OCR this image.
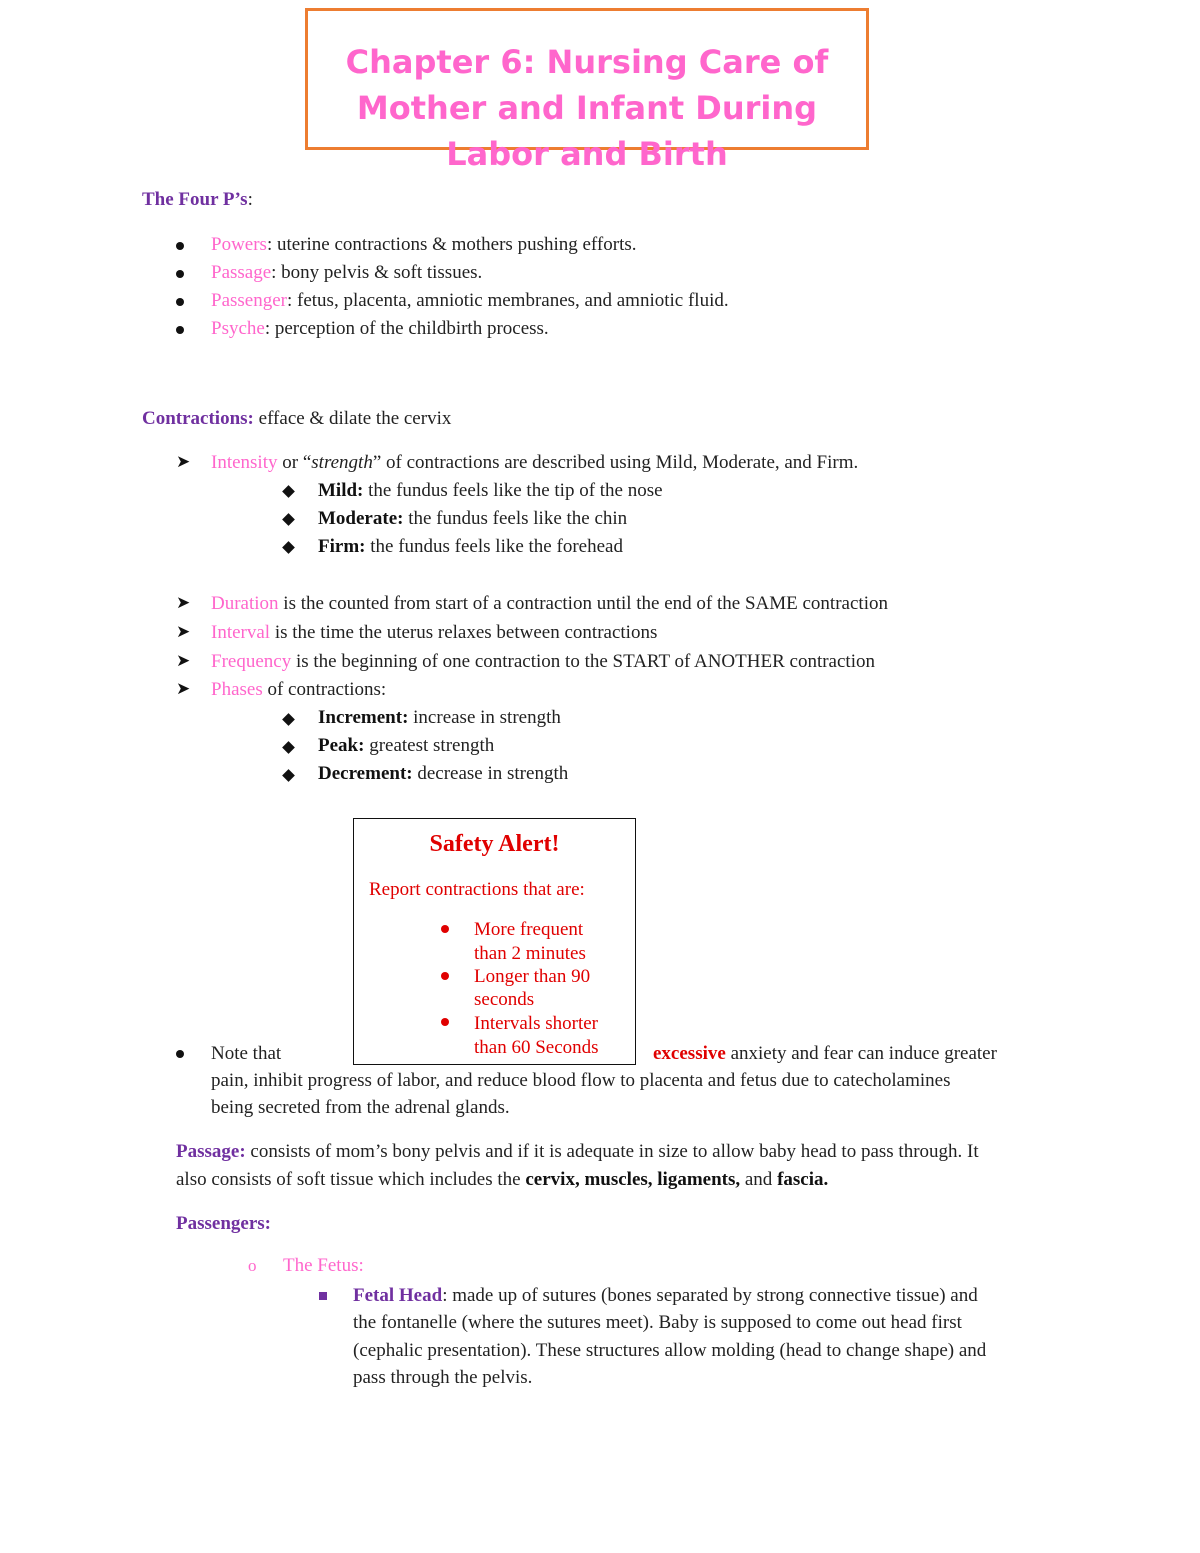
Chapter 6: Nursing Care of Mother and Infant During Labor and Birth
The Four P’s:
Powers: uterine contractions & mothers pushing efforts.
Passage: bony pelvis & soft tissues.
Passenger: fetus, placenta, amniotic membranes, and amniotic fluid.
Psyche: perception of the childbirth process.
Contractions: efface & dilate the cervix
➤ Intensity or “strength” of contractions are described using Mild, Moderate, and Firm.
Mild: the fundus feels like the tip of the nose
Moderate: the fundus feels like the chin
Firm: the fundus feels like the forehead
➤ Duration is the counted from start of a contraction until the end of the SAME contraction
➤ Interval is the time the uterus relaxes between contractions
➤ Frequency is the beginning of one contraction to the START of ANOTHER contraction
➤ Phases of contractions:
Increment: increase in strength
Peak: greatest strength
Decrement: decrease in strength
Safety Alert!
Report contractions that are:
More frequent
than 2 minutes
Longer than 90
seconds
Intervals shorter
than 60 Seconds
Note that	excessive anxiety and fear can induce greater
pain, inhibit progress of labor, and reduce blood flow to placenta and fetus due to catecholamines
being secreted from the adrenal glands.
Passage: consists of mom’s bony pelvis and if it is adequate in size to allow baby head to pass through. It
also consists of soft tissue which includes the cervix, muscles, ligaments, and fascia.
Passengers:
o The Fetus:
Fetal Head: made up of sutures (bones separated by strong connective tissue) and
the fontanelle (where the sutures meet). Baby is supposed to come out head first
(cephalic presentation). These structures allow molding (head to change shape) and
pass through the pelvis.
